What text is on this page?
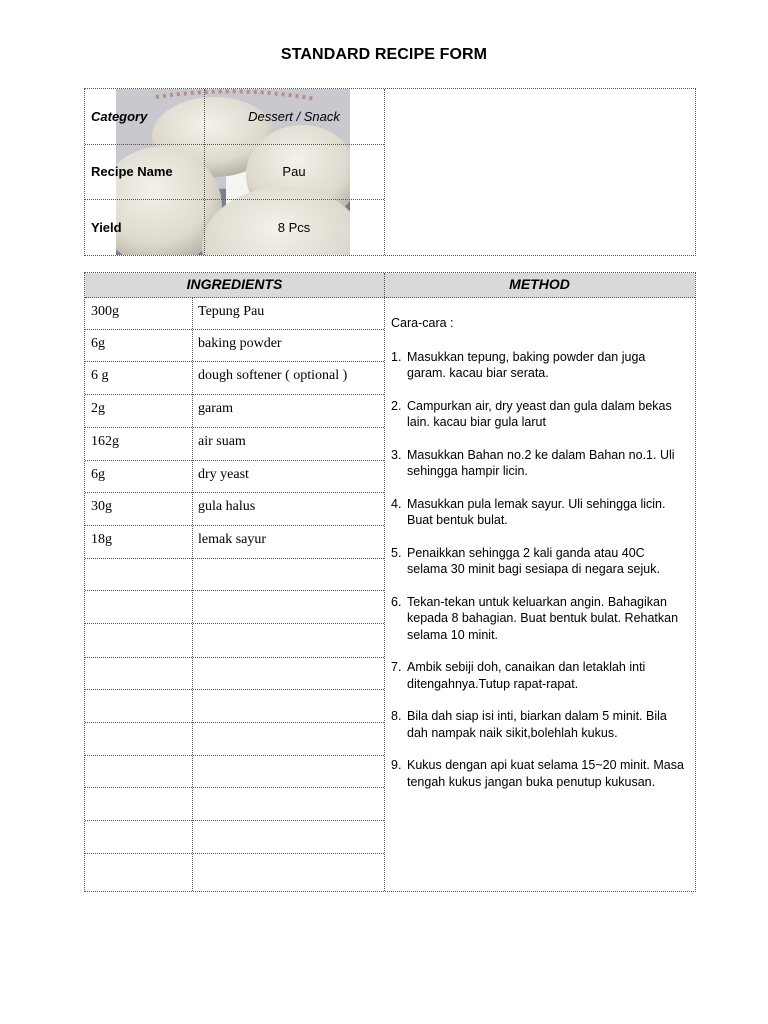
STANDARD RECIPE FORM
Category	Dessert / Snack
Recipe Name	Pau
Yield	8 Pcs
INGREDIENTS	METHOD
300g	Tepung Pau
6g	baking powder
6 g	dough softener ( optional )
2g	garam
162g	air suam
6g	dry yeast
30g	gula halus
18g	lemak sayur
Cara-cara :
1. Masukkan tepung, baking powder dan juga garam. kacau biar serata.
2. Campurkan air, dry yeast dan gula dalam bekas lain. kacau biar gula larut
3. Masukkan Bahan no.2 ke dalam Bahan no.1. Uli sehingga hampir licin.
4. Masukkan pula lemak sayur. Uli sehingga licin. Buat bentuk bulat.
5. Penaikkan sehingga 2 kali ganda atau 40C selama 30 minit bagi sesiapa di negara sejuk.
6. Tekan-tekan untuk keluarkan angin. Bahagikan kepada 8 bahagian. Buat bentuk bulat. Rehatkan selama 10 minit.
7. Ambik sebiji doh, canaikan dan letaklah inti ditengahnya.Tutup rapat-rapat.
8. Bila dah siap isi inti, biarkan dalam 5 minit. Bila dah nampak naik sikit,bolehlah kukus.
9. Kukus dengan api kuat selama 15~20 minit. Masa tengah kukus jangan buka penutup kukusan.
